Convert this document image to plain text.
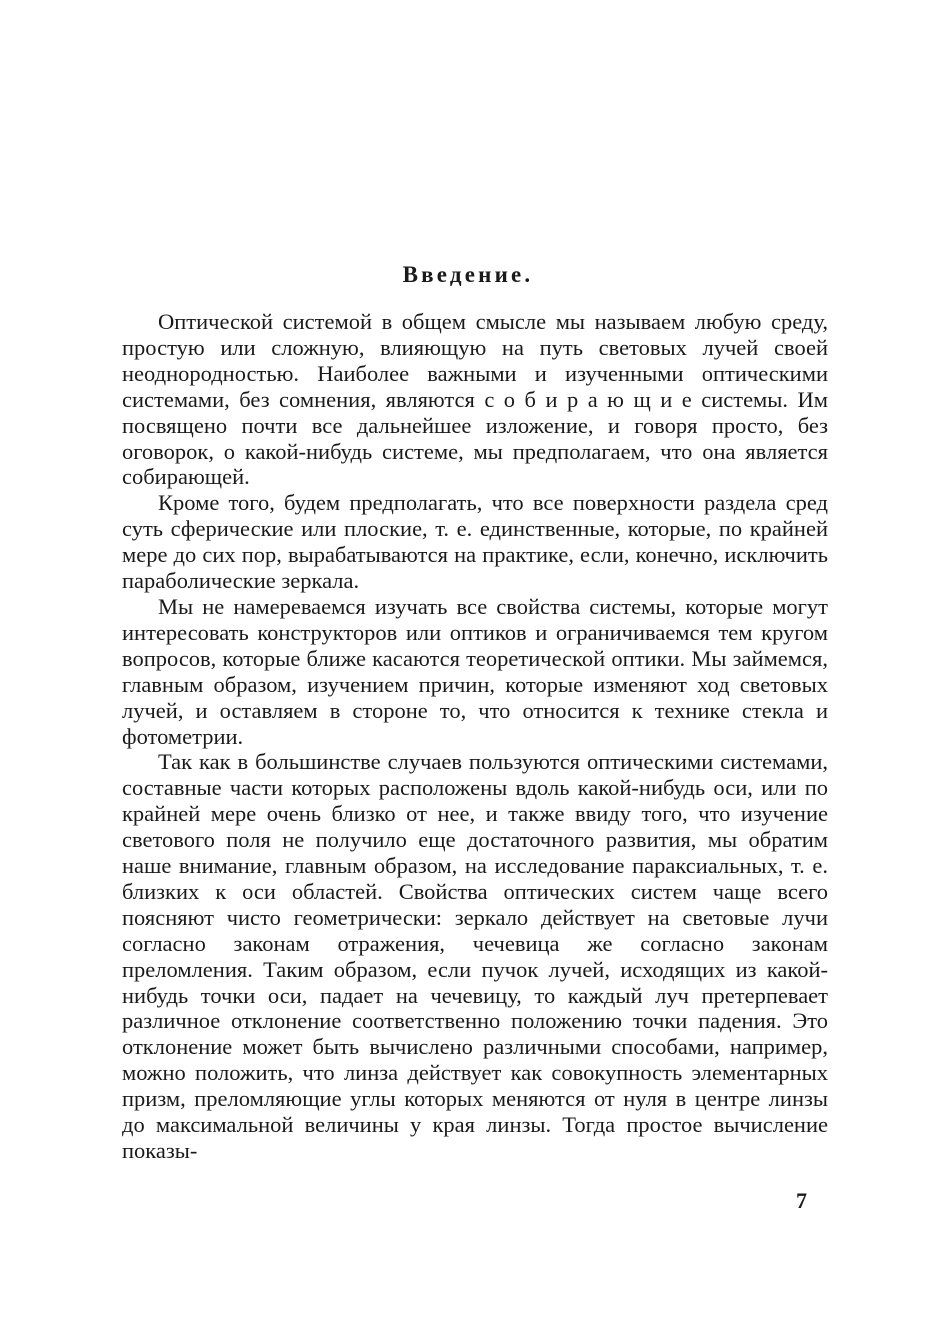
Введение.

Оптической системой в общем смысле мы называем любую среду, простую или сложную, влияющую на путь световых лучей своей неоднородностью. Наиболее важными и изученными оптическими системами, без сомнения, являются с о б и р а ю щ и е системы. Им посвящено почти все дальнейшее изложение, и говоря просто, без оговорок, о какой-нибудь системе, мы предполагаем, что она является собирающей.

Кроме того, будем предполагать, что все поверхности раздела сред суть сферические или плоские, т. е. единственные, которые, по крайней мере до сих пор, вырабатываются на практике, если, конечно, исключить параболические зеркала.

Мы не намереваемся изучать все свойства системы, которые могут интересовать конструкторов или оптиков и ограничиваемся тем кругом вопросов, которые ближе касаются теоретической оптики. Мы займемся, главным образом, изучением причин, которые изменяют ход световых лучей, и оставляем в стороне то, что относится к технике стекла и фотометрии.

Так как в большинстве случаев пользуются оптическими системами, составные части которых расположены вдоль какой-нибудь оси, или по крайней мере очень близко от нее, и также ввиду того, что изучение светового поля не получило еще достаточного развития, мы обратим наше внимание, главным образом, на исследование параксиальных, т. е. близких к оси областей. Свойства оптических систем чаще всего поясняют чисто геометрически: зеркало действует на световые лучи согласно законам отражения, чечевица же согласно законам преломления. Таким образом, если пучок лучей, исходящих из какой-нибудь точки оси, падает на чечевицу, то каждый луч претерпевает различное отклонение соответственно положению точки падения. Это отклонение может быть вычислено различными способами, например, можно положить, что линза действует как совокупность элементарных призм, преломляющие углы которых меняются от нуля в центре линзы до максимальной величины у края линзы. Тогда простое вычисление показы-

7
